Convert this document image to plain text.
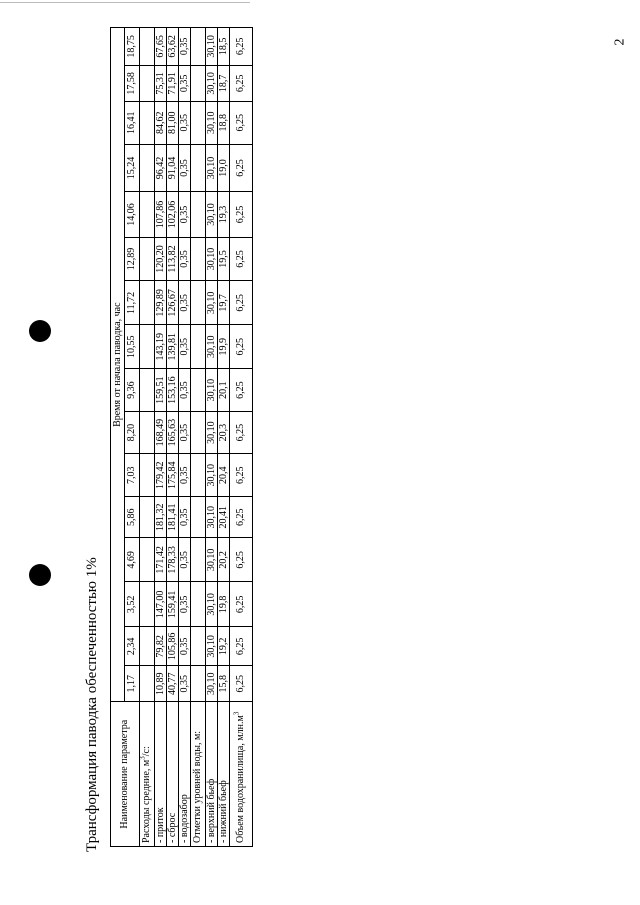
2
Трансформация паводка обеспеченностью 1% Наименование параметра	Время от начала паводка, час															
	1,17	2,34	3,52	4,69	5,86	7,03	8,20	9,36	10,55	11,72	12,89	14,06	15,24	16,41	17,58	18,75
Расходы средние, $м^3/с$:																
- приток	10,89	79,82	147,00	171,42	181,32	179,42	168,49	159,51	143,19	129,89	120,20	107,86	96,42	84,62	75,31	67,65
- сброс	40,77	105,86	159,41	178,33	181,41	175,84	165,63	153,16	139,81	126,67	113,82	102,06	91,04	81,00	71,91	63,62
- водозабор	0,35	0,35	0,35	0,35	0,35	0,35	0,35	0,35	0,35	0,35	0,35	0,35	0,35	0,35	0,35	0,35
Отметки уровней воды, м:																
- верхний бьеф	30,10	30,10	30,10	30,10	30,10	30,10	30,10	30,10	30,10	30,10	30,10	30,10	30,10	30,10	30,10	30,10
- нижний бьеф	15,8	19,2	19,8	20,2	20,41	20,4	20,3	20,1	19,9	19,7	19,5	19,3	19,0	18,8	18,7	18,5
Объем водохранилища, $млн.м^3$	6,25	6,25	6,25	6,25	6,25	6,25	6,25	6,25	6,25	6,25	6,25	6,25	6,25	6,25	6,25	6,25
